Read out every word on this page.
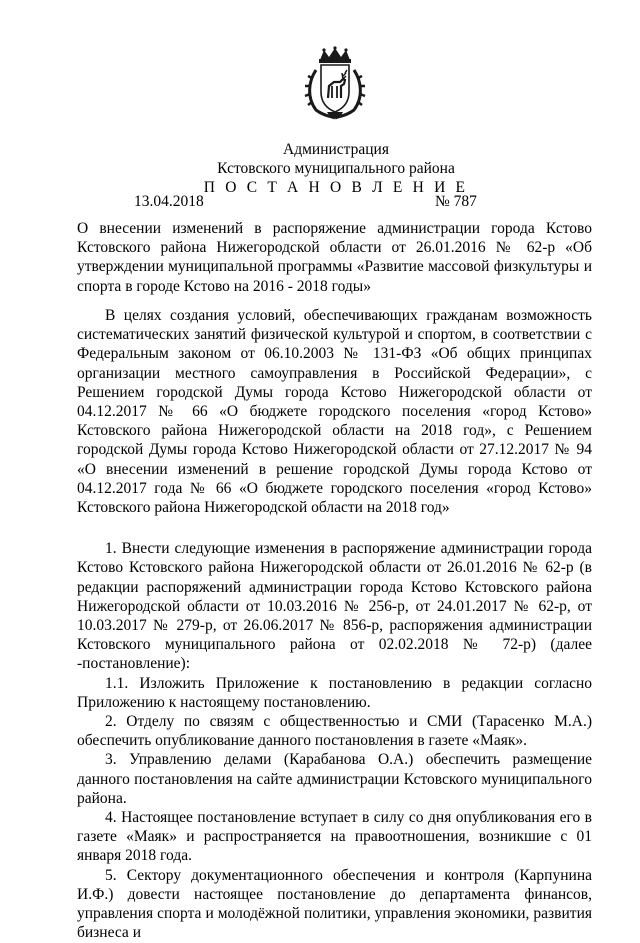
Администрация
Кстовского муниципального района
П О С Т А Н О В Л Е Н И Е
13.04.2018	№ 787

О внесении изменений в распоряжение администрации города Кстово Кстовского района Нижегородской области от 26.01.2016 № 62-р «Об утверждении муниципальной программы «Развитие массовой физкультуры и спорта в городе Кстово на 2016 - 2018 годы»

В целях создания условий, обеспечивающих гражданам возможность систематических занятий физической культурой и спортом, в соответствии с Федеральным законом от 06.10.2003 № 131-ФЗ «Об общих принципах организации местного самоуправления в Российской Федерации», с Решением городской Думы города Кстово Нижегородской области от 04.12.2017 № 66 «О бюджете городского поселения «город Кстово» Кстовского района Нижегородской области на 2018 год», с Решением городской Думы города Кстово Нижегородской области от 27.12.2017 № 94 «О внесении изменений в решение городской Думы города Кстово от 04.12.2017 года № 66 «О бюджете городского поселения «город Кстово» Кстовского района Нижегородской области на 2018 год»

1. Внести следующие изменения в распоряжение администрации города Кстово Кстовского района Нижегородской области от 26.01.2016 № 62-р (в редакции распоряжений администрации города Кстово Кстовского района Нижегородской области от 10.03.2016 № 256-р, от 24.01.2017 № 62-р, от 10.03.2017 № 279-р, от 26.06.2017 № 856-р, распоряжения администрации Кстовского муниципального района от 02.02.2018 № 72-р) (далее -постановление):

1.1. Изложить Приложение к постановлению в редакции согласно Приложению к настоящему постановлению.

2. Отделу по связям с общественностью и СМИ (Тарасенко М.А.) обеспечить опубликование данного постановления в газете «Маяк».

3. Управлению делами (Карабанова О.А.) обеспечить размещение данного постановления на сайте администрации Кстовского муниципального района.

4. Настоящее постановление вступает в силу со дня опубликования его в газете «Маяк» и распространяется на правоотношения, возникшие с 01 января 2018 года.

5. Сектору документационного обеспечения и контроля (Карпунина И.Ф.) довести настоящее постановление до департамента финансов, управления спорта и молодёжной политики, управления экономики, развития бизнеса и
